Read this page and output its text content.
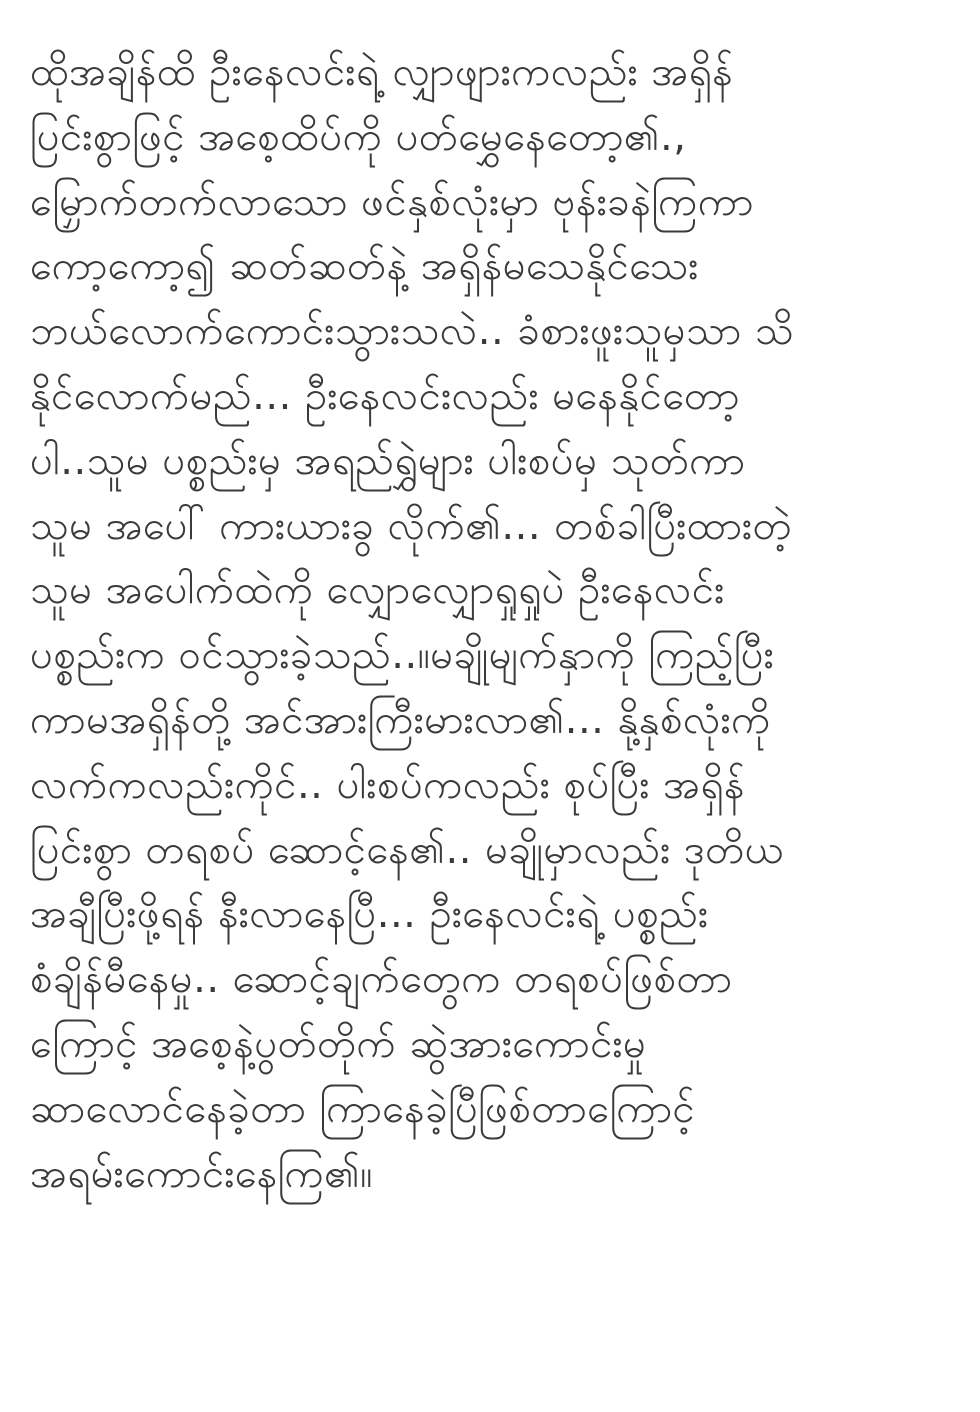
ထိုအချိန်ထိ ဦးနေလင်းရဲ့ လျှာဖျားကလည်း အရှိန်
ပြင်းစွာဖြင့် အစေ့ထိပ်ကို ပတ်မွှေနေတော့၏.,
မြှောက်တက်လာသော ဖင်နှစ်လုံးမှာ ဗုန်းခနဲကြကာ
ကော့ကော့၍ ဆတ်ဆတ်နဲ့ အရှိန်မသေနိုင်သေး
ဘယ်လောက်ကောင်းသွားသလဲ.. ခံစားဖူးသူမှသာ သိ
နိုင်လောက်မည်... ဦးနေလင်းလည်း မနေနိုင်တော့
ပါ..သူမ ပစ္စည်းမှ အရည်ရွှဲများ ပါးစပ်မှ သုတ်ကာ
သူမ အပေါ် ကားယားခွ လိုက်၏... တစ်ခါပြီးထားတဲ့
သူမ အပေါက်ထဲကို လျှောလျှောရှုရှုပဲ ဦးနေလင်း
ပစ္စည်းက ဝင်သွားခဲ့သည်..။မချိုမျက်နှာကို ကြည့်ပြီး
ကာမအရှိန်တို့ အင်အားကြီးမားလာ၏... နို့နှစ်လုံးကို
လက်ကလည်းကိုင်.. ပါးစပ်ကလည်း စုပ်ပြီး အရှိန်
ပြင်းစွာ တရစပ် ဆောင့်နေ၏.. မချိုမှာလည်း ဒုတိယ
အချီပြီးဖို့ရန် နီးလာနေပြီ... ဦးနေလင်းရဲ့ ပစ္စည်း
စံချိန်မီနေမှု.. ဆောင့်ချက်တွေက တရစပ်ဖြစ်တာ
ကြောင့် အစေ့နဲ့ပွတ်တိုက် ဆွဲအားကောင်းမှု
ဆာလောင်နေခဲ့တာ ကြာနေခဲ့ပြီဖြစ်တာကြောင့်
အရမ်းကောင်းနေကြ၏။
